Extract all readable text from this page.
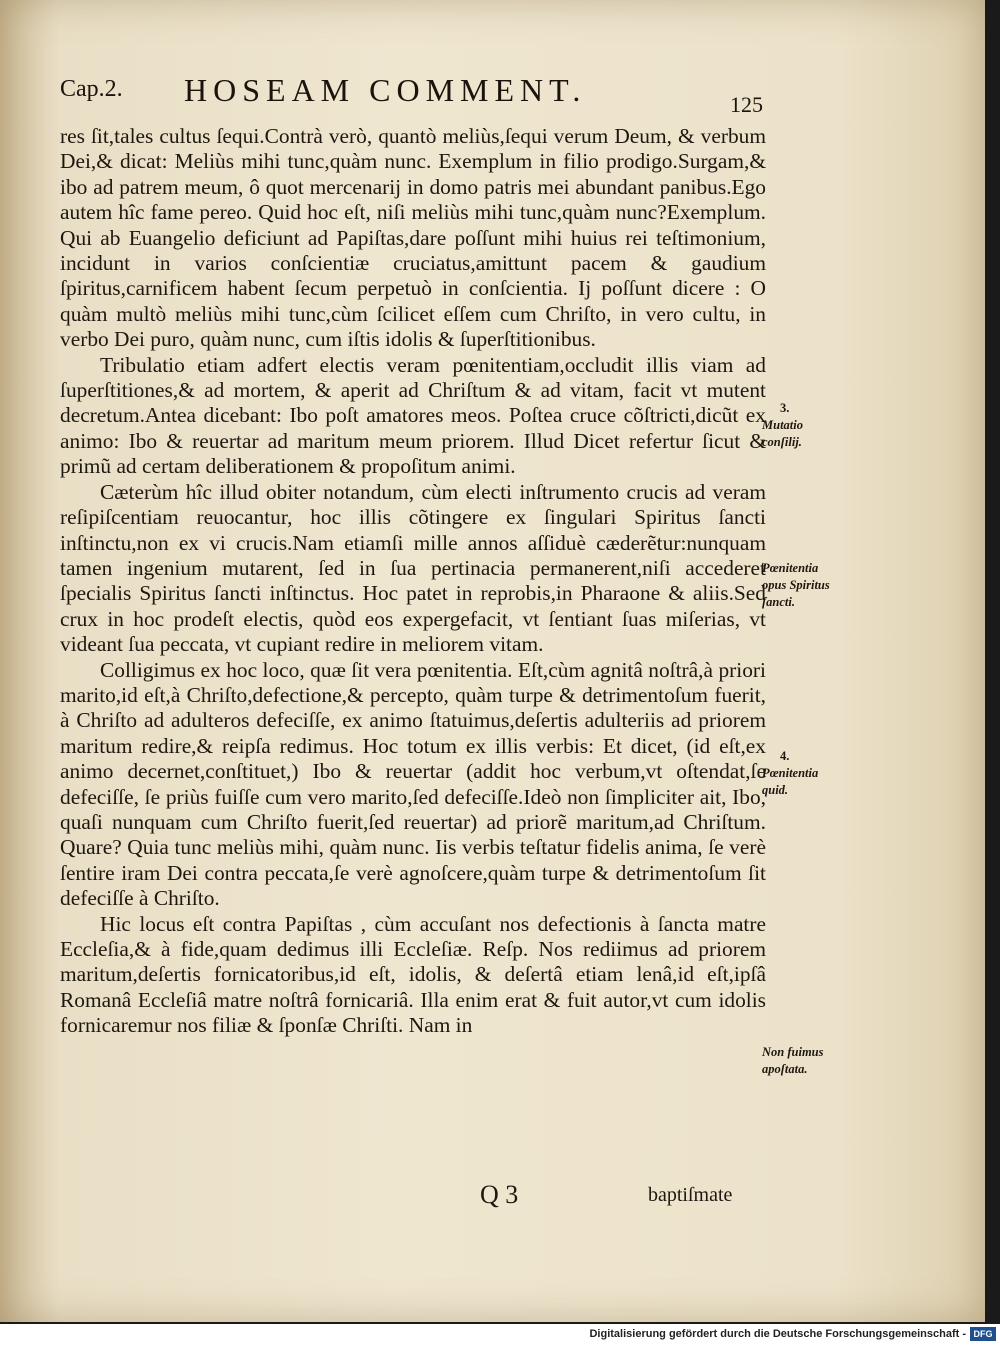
Cap.2. HOSEAM COMMENT.	125

res ſit,tales cultus ſequi.Contrà verò, quantò meliùs,ſequi verum Deum, & verbum Dei,& dicat: Meliùs mihi tunc,quàm nunc. Exemplum in filio prodigo.Surgam,& ibo ad patrem meum, ô quot mercenarij in domo patris mei abundant panibus.Ego autem hîc fame pereo. Quid hoc eſt, niſi meliùs mihi tunc,quàm nunc?Exemplum. Qui ab Euangelio deficiunt ad Papiſtas,dare poſſunt mihi huius rei teſtimonium, incidunt in varios conſcientiæ cruciatus,amittunt pacem & gaudium ſpiritus,carnificem habent ſecum perpetuò in conſcientia. Ij poſſunt dicere : O quàm multò meliùs mihi tunc,cùm ſcilicet eſſem cum Chriſto, in vero cultu, in verbo Dei puro, quàm nunc, cum iſtis idolis & ſuperſtitionibus.

Tribulatio etiam adfert electis veram pœnitentiam,occludit illis viam ad ſuperſtitiones,& ad mortem, & aperit ad Chriſtum & ad vitam, facit vt mutent decretum.Antea dicebant: Ibo poſt amatores meos. Poſtea cruce cõſtricti,dicũt ex animo: Ibo & reuertar ad maritum meum priorem. Illud Dicet refertur ſicut & primũ ad certam deliberationem & propoſitum animi.

Cæterùm hîc illud obiter notandum, cùm electi inſtrumento crucis ad veram reſipiſcentiam reuocantur, hoc illis cõtingere ex ſingulari Spiritus ſancti inſtinctu,non ex vi crucis.Nam etiamſi mille annos aſſiduè cæderẽtur:nunquam tamen ingenium mutarent, ſed in ſua pertinacia permanerent,niſi accederet ſpecialis Spiritus ſancti inſtinctus. Hoc patet in reprobis,in Pharaone & aliis.Sed crux in hoc prodeſt electis, quòd eos expergefacit, vt ſentiant ſuas miſerias, vt videant ſua peccata, vt cupiant redire in meliorem vitam.

Colligimus ex hoc loco, quæ ſit vera pœnitentia. Eſt,cùm agnitâ noſtrâ,à priori marito,id eſt,à Chriſto,defectione,& percepto, quàm turpe & detrimentoſum fuerit, à Chriſto ad adulteros defeciſſe, ex animo ſtatuimus,deſertis adulteriis ad priorem maritum redire,& reipſa redimus. Hoc totum ex illis verbis: Et dicet, (id eſt,ex animo decernet,conſtituet,) Ibo & reuertar (addit hoc verbum,vt oſtendat,ſe defeciſſe, ſe priùs fuiſſe cum vero marito,ſed defeciſſe.Ideò non ſimpliciter ait, Ibo, quaſi nunquam cum Chriſto fuerit,ſed reuertar) ad priorẽ maritum,ad Chriſtum. Quare? Quia tunc meliùs mihi, quàm nunc. Iis verbis teſtatur fidelis anima, ſe verè ſentire iram Dei contra peccata,ſe verè agnoſcere,quàm turpe & detrimentoſum ſit defeciſſe à Chriſto.

Hic locus eſt contra Papiſtas , cùm accuſant nos defectionis à ſancta matre Eccleſia,& à fide,quam dedimus illi Eccleſiæ. Reſp. Nos rediimus ad priorem maritum,deſertis fornicatoribus,id eſt, idolis, & deſertâ etiam lenâ,id eſt,ipſâ Romanâ Eccleſiâ matre noſtrâ fornicariâ. Illa enim erat & fuit autor,vt cum idolis fornicaremur nos filiæ & ſponſæ Chriſti. Nam in

3.
Mutatio conſilij.
Pœnitentia opus Spiritus ſancti.
4.
Pœnitentia quid.
Non fuimus apoſtata.
Q 3	baptiſmate
Digitalisierung gefördert durch die Deutsche Forschungsgemeinschaft - DFG
